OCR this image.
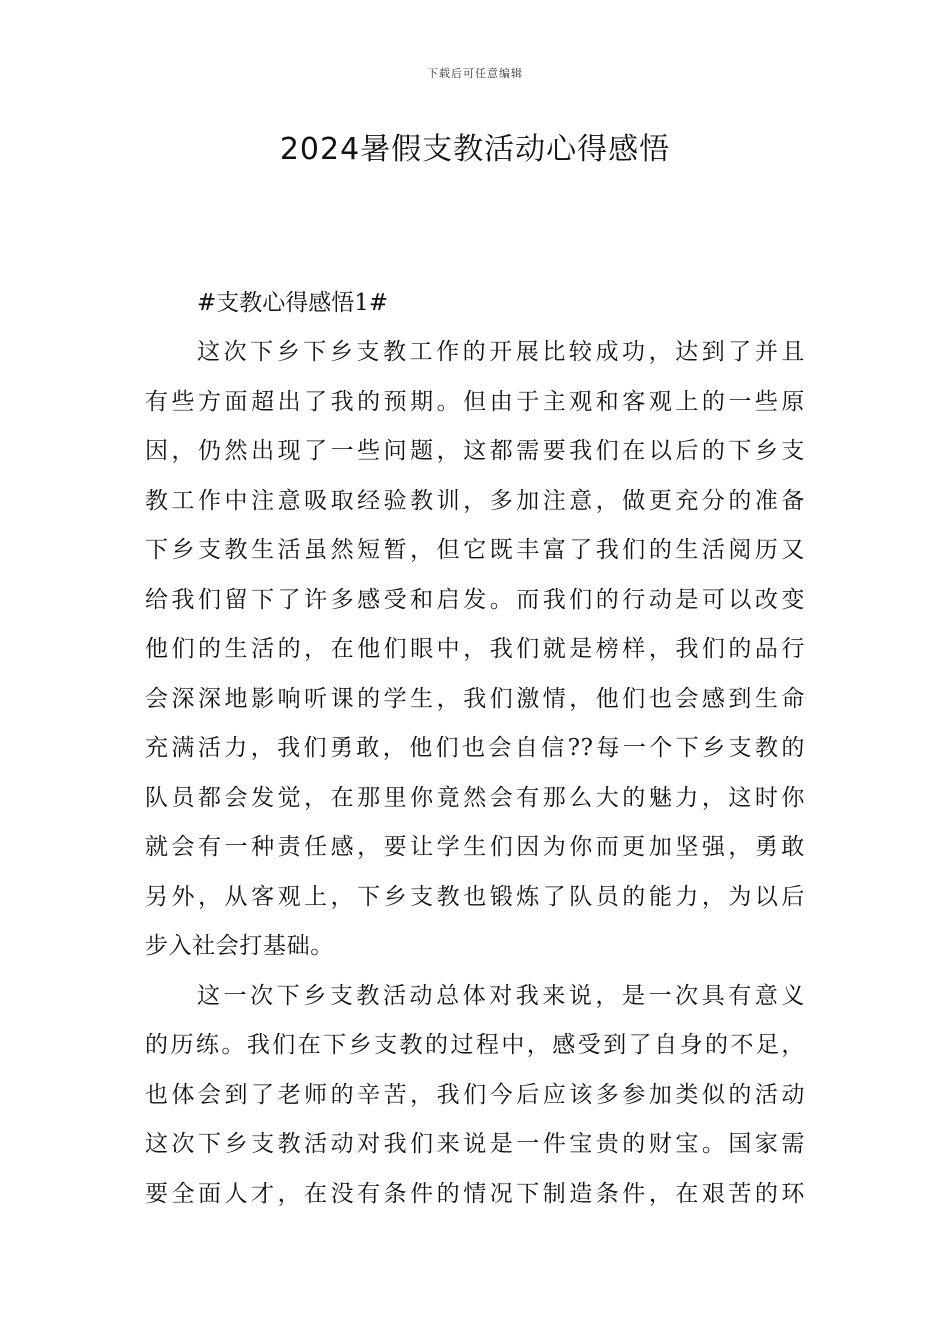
下载后可任意编辑
2024暑假支教活动心得感悟
#支教心得感悟1#
这次下乡下乡支教工作的开展比较成功，达到了并且
有些方面超出了我的预期。但由于主观和客观上的一些原
因，仍然出现了一些问题，这都需要我们在以后的下乡支
教工作中注意吸取经验教训，多加注意，做更充分的准备
下乡支教生活虽然短暂，但它既丰富了我们的生活阅历又
给我们留下了许多感受和启发。而我们的行动是可以改变
他们的生活的，在他们眼中，我们就是榜样，我们的品行
会深深地影响听课的学生，我们激情，他们也会感到生命
充满活力，我们勇敢，他们也会自信??每一个下乡支教的
队员都会发觉，在那里你竟然会有那么大的魅力，这时你
就会有一种责任感，要让学生们因为你而更加坚强，勇敢
另外，从客观上，下乡支教也锻炼了队员的能力，为以后
步入社会打基础。
这一次下乡支教活动总体对我来说，是一次具有意义
的历练。我们在下乡支教的过程中，感受到了自身的不足，
也体会到了老师的辛苦，我们今后应该多参加类似的活动
这次下乡支教活动对我们来说是一件宝贵的财宝。国家需
要全面人才，在没有条件的情况下制造条件，在艰苦的环
